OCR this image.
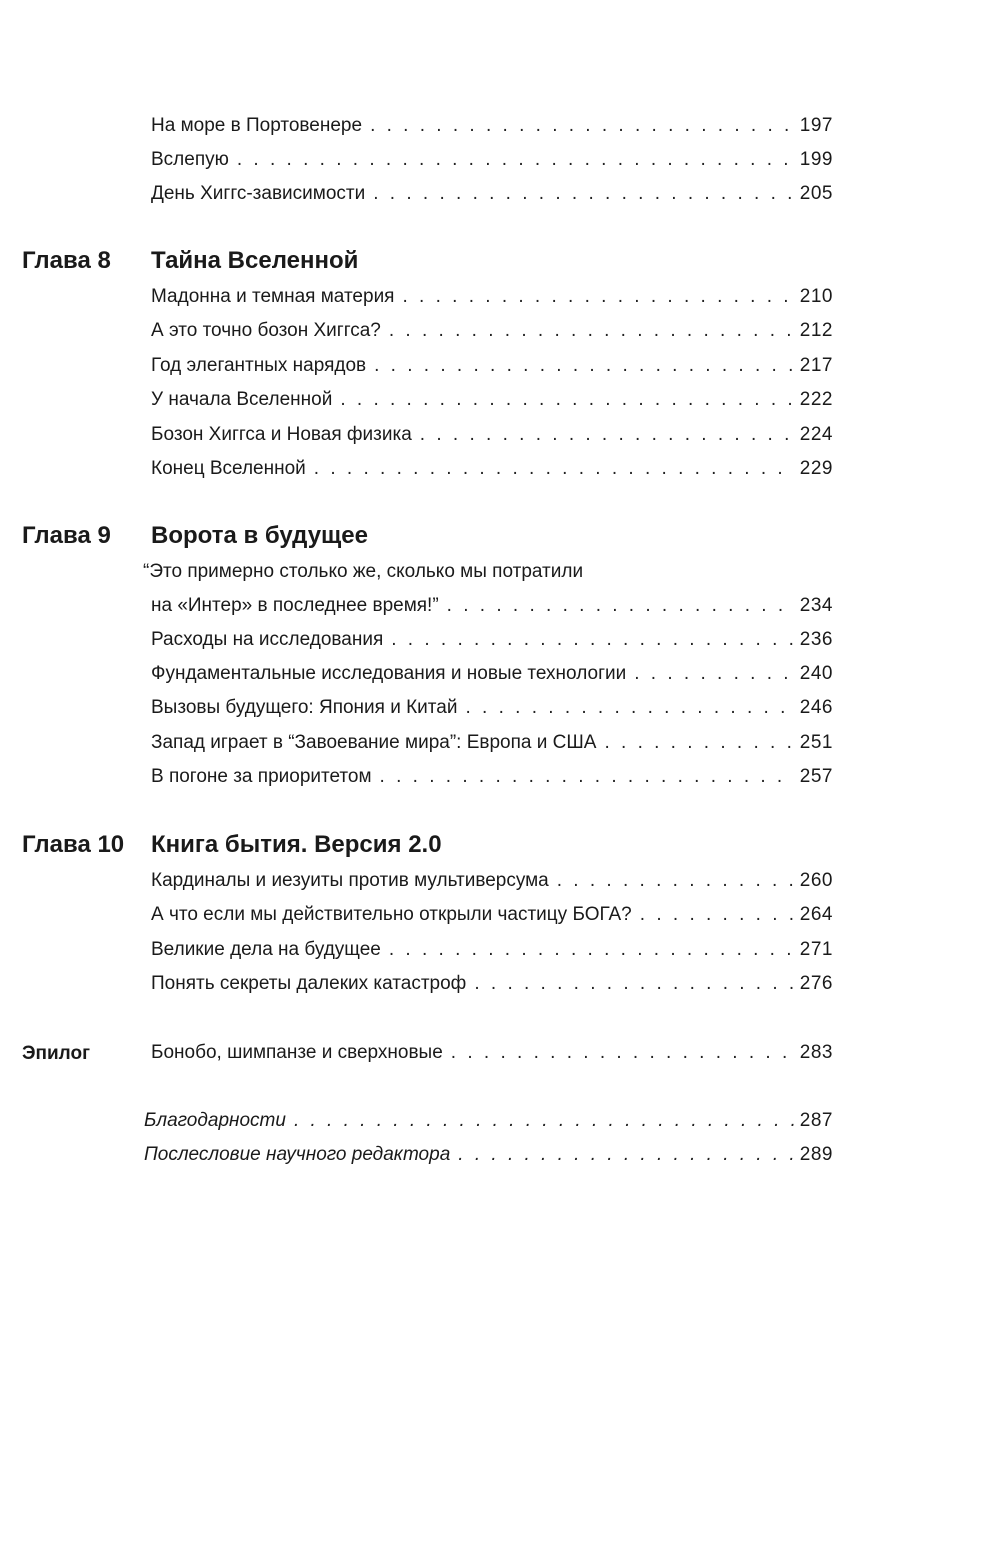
На море в Портовенере . . .	197
Вслепую . . .	199
День Хиггс-зависимости . . .	205
Глава 8 Тайна Вселенной
Мадонна и темная материя . . .	210
А это точно бозон Хиггса? . . .	212
Год элегантных нарядов . . .	217
У начала Вселенной . . .	222
Бозон Хиггса и Новая физика . . .	224
Конец Вселенной . . .	229
Глава 9 Ворота в будущее
“Это примерно столько же, сколько мы потратили
на «Интер» в последнее время!” . . .	234
Расходы на исследования . . .	236
Фундаментальные исследования и новые технологии . . .	240
Вызовы будущего: Япония и Китай . . .	246
Запад играет в “Завоевание мира”: Европа и США . . .	251
В погоне за приоритетом . . .	257
Глава 10 Книга бытия. Версия 2.0
Кардиналы и иезуиты против мультиверсума . . .	260
А что если мы действительно открыли частицу БОГА? . . .	264
Великие дела на будущее . . .	271
Понять секреты далеких катастроф . . .	276
Эпилог	Бонобо, шимпанзе и сверхновые . . .	283
Благодарности . . .	287
Послесловие научного редактора . . .	289
